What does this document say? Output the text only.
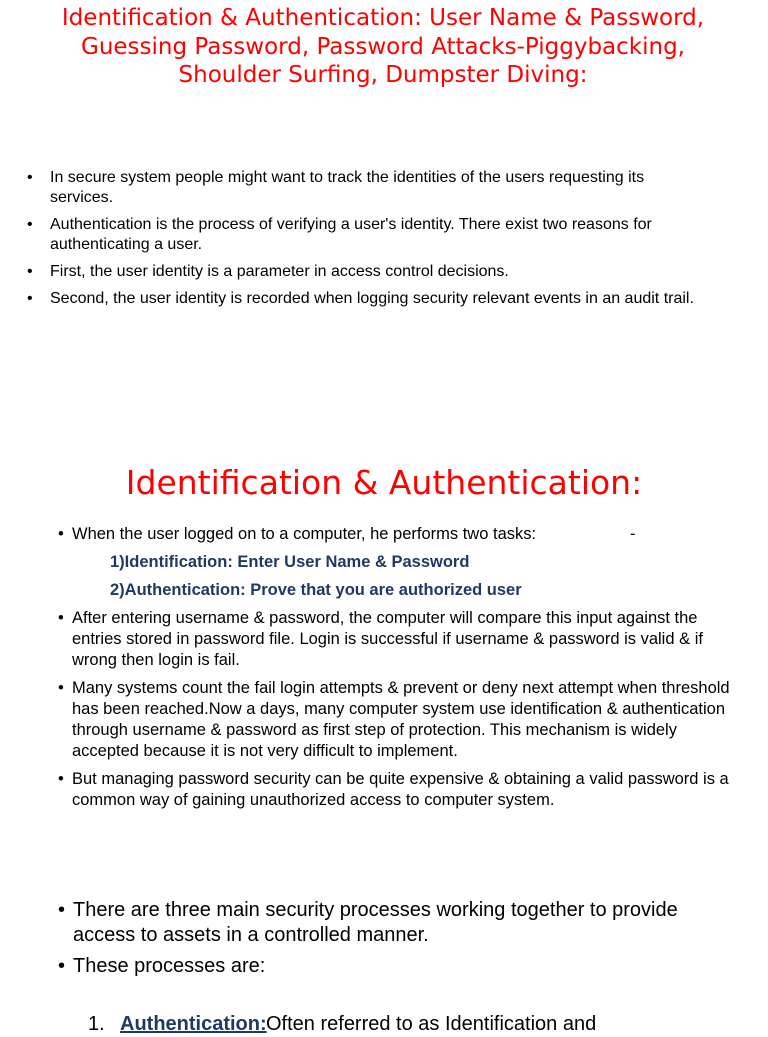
Identification & Authentication: User Name & Password, Guessing Password, Password Attacks-Piggybacking, Shoulder Surfing, Dumpster Diving:
• In secure system people might want to track the identities of the users requesting its services.
• Authentication is the process of verifying a user's identity. There exist two reasons for authenticating a user.
• First, the user identity is a parameter in access control decisions.
• Second, the user identity is recorded when logging security relevant events in an audit trail.
Identification & Authentication:
• When the user logged on to a computer, he performs two tasks:	-
1)Identification: Enter User Name & Password
2)Authentication: Prove that you are authorized user
• After entering username & password, the computer will compare this input against the entries stored in password file. Login is successful if username & password is valid & if wrong then login is fail.
• Many systems count the fail login attempts & prevent or deny next attempt when threshold has been reached.Now a days, many computer system use identification & authentication through username & password as first step of protection. This mechanism is widely accepted because it is not very difficult to implement.
• But managing password security can be quite expensive & obtaining a valid password is a common way of gaining unauthorized access to computer system.
• There are three main security processes working together to provide access to assets in a controlled manner.
• These processes are:
1. Authentication: Often referred to as Identification and
